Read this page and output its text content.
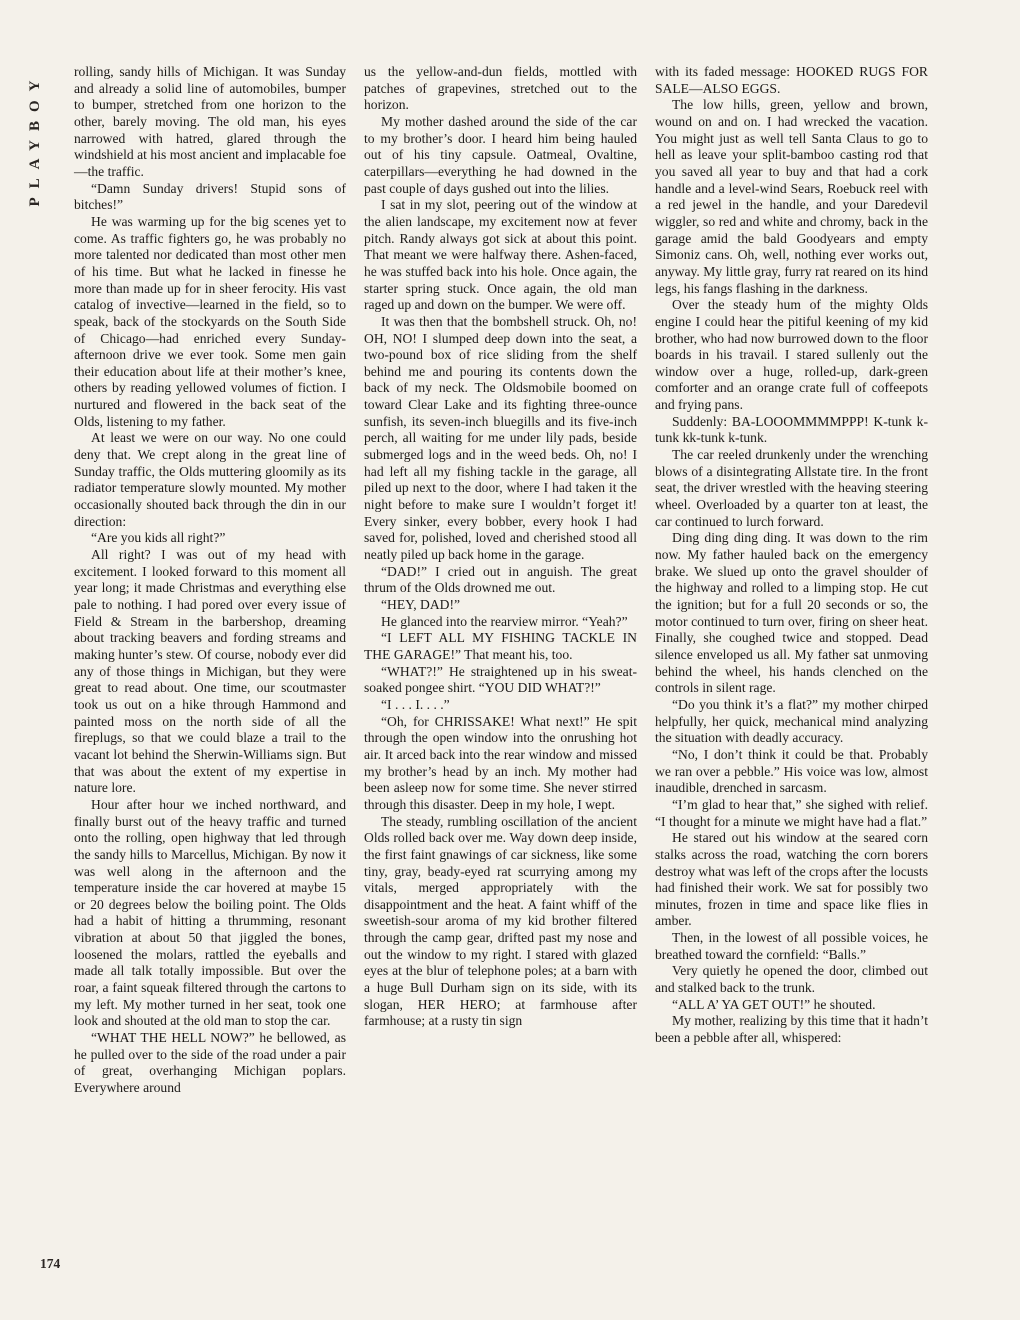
PLAYBOY
174

rolling, sandy hills of Michigan. It was Sunday and already a solid line of automobiles, bumper to bumper, stretched from one horizon to the other, barely moving. The old man, his eyes narrowed with hatred, glared through the windshield at his most ancient and implacable foe—the traffic.

“Damn Sunday drivers! Stupid sons of bitches!”

He was warming up for the big scenes yet to come. As traffic fighters go, he was probably no more talented nor dedicated than most other men of his time. But what he lacked in finesse he more than made up for in sheer ferocity. His vast catalog of invective—learned in the field, so to speak, back of the stockyards on the South Side of Chicago—had enriched every Sunday-afternoon drive we ever took. Some men gain their education about life at their mother’s knee, others by reading yellowed volumes of fiction. I nurtured and flowered in the back seat of the Olds, listening to my father.

At least we were on our way. No one could deny that. We crept along in the great line of Sunday traffic, the Olds muttering gloomily as its radiator temperature slowly mounted. My mother occasionally shouted back through the din in our direction:

“Are you kids all right?”

All right? I was out of my head with excitement. I looked forward to this moment all year long; it made Christmas and everything else pale to nothing. I had pored over every issue of Field & Stream in the barbershop, dreaming about tracking beavers and fording streams and making hunter’s stew. Of course, nobody ever did any of those things in Michigan, but they were great to read about. One time, our scoutmaster took us out on a hike through Hammond and painted moss on the north side of all the fireplugs, so that we could blaze a trail to the vacant lot behind the Sherwin-Williams sign. But that was about the extent of my expertise in nature lore.

Hour after hour we inched northward, and finally burst out of the heavy traffic and turned onto the rolling, open highway that led through the sandy hills to Marcellus, Michigan. By now it was well along in the afternoon and the temperature inside the car hovered at maybe 15 or 20 degrees below the boiling point. The Olds had a habit of hitting a thrumming, resonant vibration at about 50 that jiggled the bones, loosened the molars, rattled the eyeballs and made all talk totally impossible. But over the roar, a faint squeak filtered through the cartons to my left. My mother turned in her seat, took one look and shouted at the old man to stop the car.

“WHAT THE HELL NOW?” he bellowed, as he pulled over to the side of the road under a pair of great, overhanging Michigan poplars. Everywhere around

us the yellow-and-dun fields, mottled with patches of grapevines, stretched out to the horizon.

My mother dashed around the side of the car to my brother’s door. I heard him being hauled out of his tiny capsule. Oatmeal, Ovaltine, caterpillars—everything he had downed in the past couple of days gushed out into the lilies.

I sat in my slot, peering out of the window at the alien landscape, my excitement now at fever pitch. Randy always got sick at about this point. That meant we were halfway there. Ashen-faced, he was stuffed back into his hole. Once again, the starter spring stuck. Once again, the old man raged up and down on the bumper. We were off.

It was then that the bombshell struck. Oh, no! OH, NO! I slumped deep down into the seat, a two-pound box of rice sliding from the shelf behind me and pouring its contents down the back of my neck. The Oldsmobile boomed on toward Clear Lake and its fighting three-ounce sunfish, its seven-inch bluegills and its five-inch perch, all waiting for me under lily pads, beside submerged logs and in the weed beds. Oh, no! I had left all my fishing tackle in the garage, all piled up next to the door, where I had taken it the night before to make sure I wouldn’t forget it! Every sinker, every bobber, every hook I had saved for, polished, loved and cherished stood all neatly piled up back home in the garage.

“DAD!” I cried out in anguish. The great thrum of the Olds drowned me out.

“HEY, DAD!”

He glanced into the rearview mirror. “Yeah?”

“I LEFT ALL MY FISHING TACKLE IN THE GARAGE!” That meant his, too.

“WHAT?!” He straightened up in his sweat-soaked pongee shirt. “YOU DID WHAT?!”

“I . . . I. . . .”

“Oh, for CHRISSAKE! What next!” He spit through the open window into the onrushing hot air. It arced back into the rear window and missed my brother’s head by an inch. My mother had been asleep now for some time. She never stirred through this disaster. Deep in my hole, I wept.

The steady, rumbling oscillation of the ancient Olds rolled back over me. Way down deep inside, the first faint gnawings of car sickness, like some tiny, gray, beady-eyed rat scurrying among my vitals, merged appropriately with the disappointment and the heat. A faint whiff of the sweetish-sour aroma of my kid brother filtered through the camp gear, drifted past my nose and out the window to my right. I stared with glazed eyes at the blur of telephone poles; at a barn with a huge Bull Durham sign on its side, with its slogan, HER HERO; at farmhouse after farmhouse; at a rusty tin sign

with its faded message: HOOKED RUGS FOR SALE—ALSO EGGS.

The low hills, green, yellow and brown, wound on and on. I had wrecked the vacation. You might just as well tell Santa Claus to go to hell as leave your split-bamboo casting rod that you saved all year to buy and that had a cork handle and a level-wind Sears, Roebuck reel with a red jewel in the handle, and your Daredevil wiggler, so red and white and chromy, back in the garage amid the bald Goodyears and empty Simoniz cans. Oh, well, nothing ever works out, anyway. My little gray, furry rat reared on its hind legs, his fangs flashing in the darkness.

Over the steady hum of the mighty Olds engine I could hear the pitiful keening of my kid brother, who had now burrowed down to the floor boards in his travail. I stared sullenly out the window over a huge, rolled-up, dark-green comforter and an orange crate full of coffeepots and frying pans.

Suddenly: BA-LOOOMMMMPPP! K-tunk k-tunk kk-tunk k-tunk.

The car reeled drunkenly under the wrenching blows of a disintegrating Allstate tire. In the front seat, the driver wrestled with the heaving steering wheel. Overloaded by a quarter ton at least, the car continued to lurch forward.

Ding ding ding ding. It was down to the rim now. My father hauled back on the emergency brake. We slued up onto the gravel shoulder of the highway and rolled to a limping stop. He cut the ignition; but for a full 20 seconds or so, the motor continued to turn over, firing on sheer heat. Finally, she coughed twice and stopped. Dead silence enveloped us all. My father sat unmoving behind the wheel, his hands clenched on the controls in silent rage.

“Do you think it’s a flat?” my mother chirped helpfully, her quick, mechanical mind analyzing the situation with deadly accuracy.

“No, I don’t think it could be that. Probably we ran over a pebble.” His voice was low, almost inaudible, drenched in sarcasm.

“I’m glad to hear that,” she sighed with relief. “I thought for a minute we might have had a flat.”

He stared out his window at the seared corn stalks across the road, watching the corn borers destroy what was left of the crops after the locusts had finished their work. We sat for possibly two minutes, frozen in time and space like flies in amber.

Then, in the lowest of all possible voices, he breathed toward the cornfield: “Balls.”

Very quietly he opened the door, climbed out and stalked back to the trunk.

“ALL A’ YA GET OUT!” he shouted.

My mother, realizing by this time that it hadn’t been a pebble after all, whispered:
